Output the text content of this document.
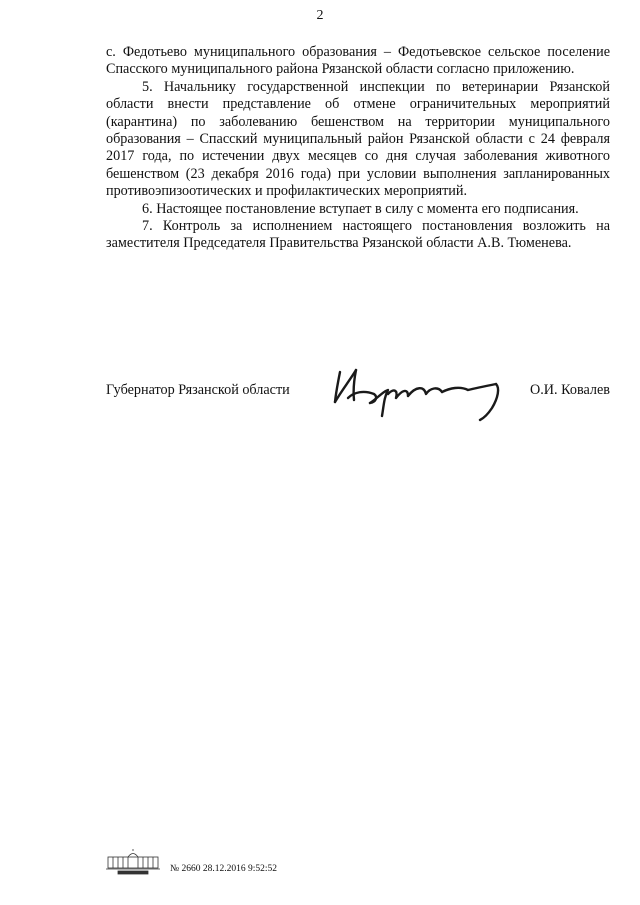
2

с. Федотьево муниципального образования – Федотьевское сельское поселение Спасского муниципального района Рязанской области согласно приложению.

5. Начальнику государственной инспекции по ветеринарии Рязанской области внести представление об отмене ограничительных мероприятий (карантина) по заболеванию бешенством на территории муниципального образования – Спасский муниципальный район Рязанской области с 24 февраля 2017 года, по истечении двух месяцев со дня случая заболевания животного бешенством (23 декабря 2016 года) при условии выполнения запланированных противоэпизоотических и профилактических мероприятий.

6. Настоящее постановление вступает в силу с момента его подписания.

7. Контроль за исполнением настоящего постановления возложить на заместителя Председателя Правительства Рязанской области А.В. Тюменева.

Губернатор Рязанской области	О.И. Ковалев
№ 2660 28.12.2016 9:52:52
